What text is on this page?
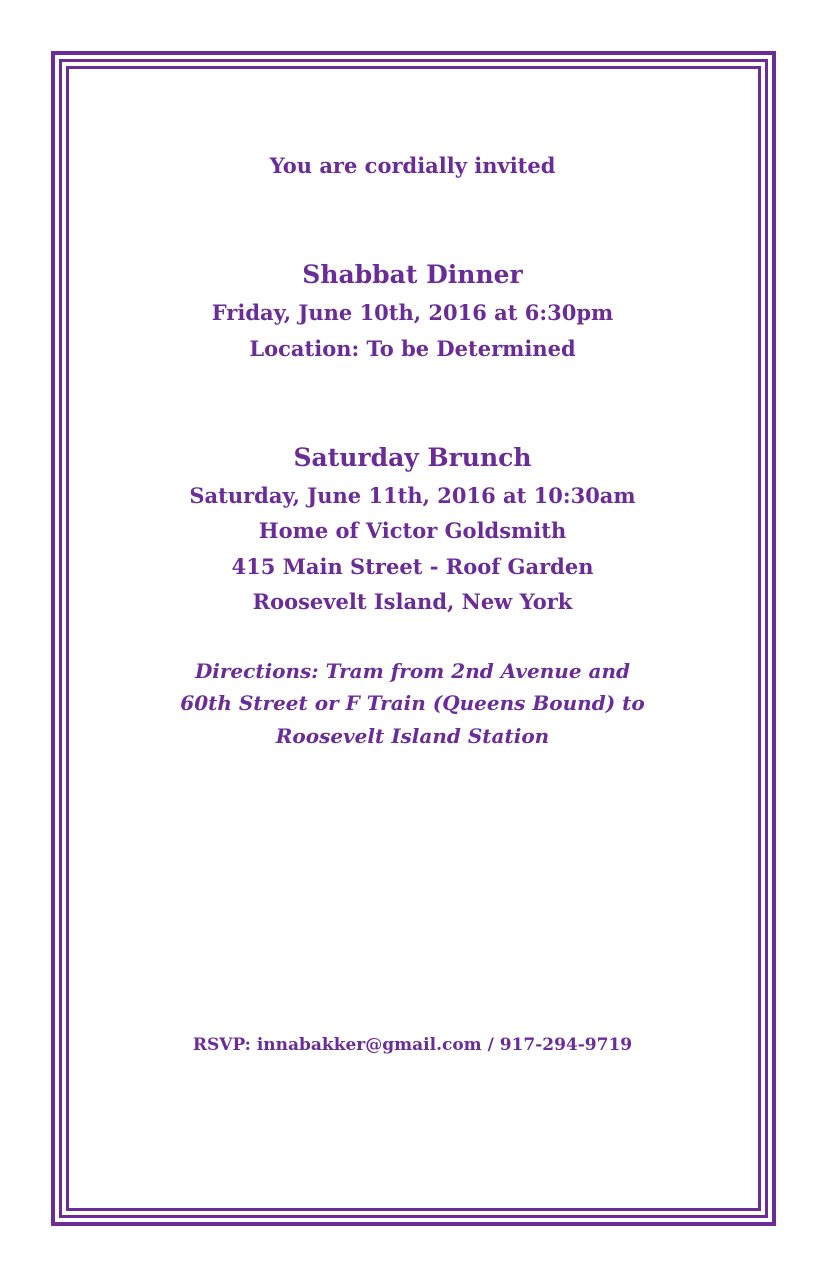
You are cordially invited
Shabbat Dinner
Friday, June 10th, 2016 at 6:30pm
Location: To be Determined
Saturday Brunch
Saturday, June 11th, 2016 at 10:30am
Home of Victor Goldsmith
415 Main Street - Roof Garden
Roosevelt Island, New York
Directions: Tram from 2nd Avenue and
60th Street or F Train (Queens Bound) to
Roosevelt Island Station
RSVP: innabakker@gmail.com / 917-294-9719
